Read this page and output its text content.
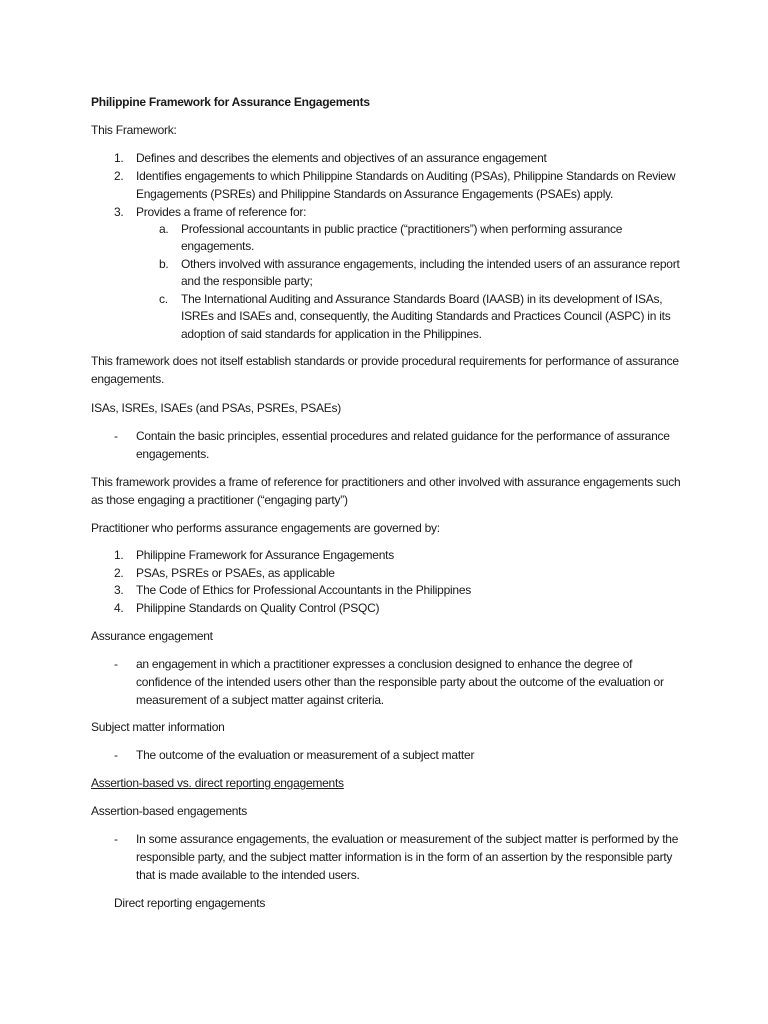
Philippine Framework for Assurance Engagements
This Framework:
1. Defines and describes the elements and objectives of an assurance engagement
2. Identifies engagements to which Philippine Standards on Auditing (PSAs), Philippine Standards on Review
Engagements (PSREs) and Philippine Standards on Assurance Engagements (PSAEs) apply.
3. Provides a frame of reference for:
a. Professional accountants in public practice (“practitioners”) when performing assurance
engagements.
b. Others involved with assurance engagements, including the intended users of an assurance report
and the responsible party;
c. The International Auditing and Assurance Standards Board (IAASB) in its development of ISAs,
ISREs and ISAEs and, consequently, the Auditing Standards and Practices Council (ASPC) in its
adoption of said standards for application in the Philippines.
This framework does not itself establish standards or provide procedural requirements for performance of assurance
engagements.
ISAs, ISREs, ISAEs (and PSAs, PSREs, PSAEs)
- Contain the basic principles, essential procedures and related guidance for the performance of assurance
engagements.
This framework provides a frame of reference for practitioners and other involved with assurance engagements such
as those engaging a practitioner (“engaging party”)
Practitioner who performs assurance engagements are governed by:
1. Philippine Framework for Assurance Engagements
2. PSAs, PSREs or PSAEs, as applicable
3. The Code of Ethics for Professional Accountants in the Philippines
4. Philippine Standards on Quality Control (PSQC)
Assurance engagement
- an engagement in which a practitioner expresses a conclusion designed to enhance the degree of
confidence of the intended users other than the responsible party about the outcome of the evaluation or
measurement of a subject matter against criteria.
Subject matter information
- The outcome of the evaluation or measurement of a subject matter
Assertion-based vs. direct reporting engagements
Assertion-based engagements
- In some assurance engagements, the evaluation or measurement of the subject matter is performed by the
responsible party, and the subject matter information is in the form of an assertion by the responsible party
that is made available to the intended users.
Direct reporting engagements
